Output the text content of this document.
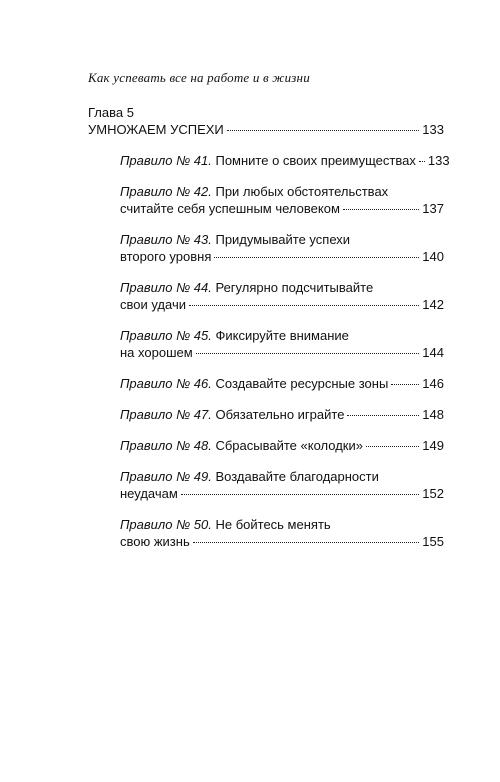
Как успевать все на работе и в жизни
Глава 5
УМНОЖАЕМ УСПЕХИ	133
Правило № 41. Помните о своих преимуществах 133
Правило № 42. При любых обстоятельствах
считайте себя успешным человеком	137
Правило № 43. Придумывайте успехи
второго уровня	140
Правило № 44. Регулярно подсчитывайте
свои удачи	142
Правило № 45. Фиксируйте внимание
на хорошем	144
Правило № 46. Создавайте ресурсные зоны	146
Правило № 47. Обязательно играйте	148
Правило № 48. Сбрасывайте «колодки»	149
Правило № 49. Воздавайте благодарности
неудачам	152
Правило № 50. Не бойтесь менять
свою жизнь	155
